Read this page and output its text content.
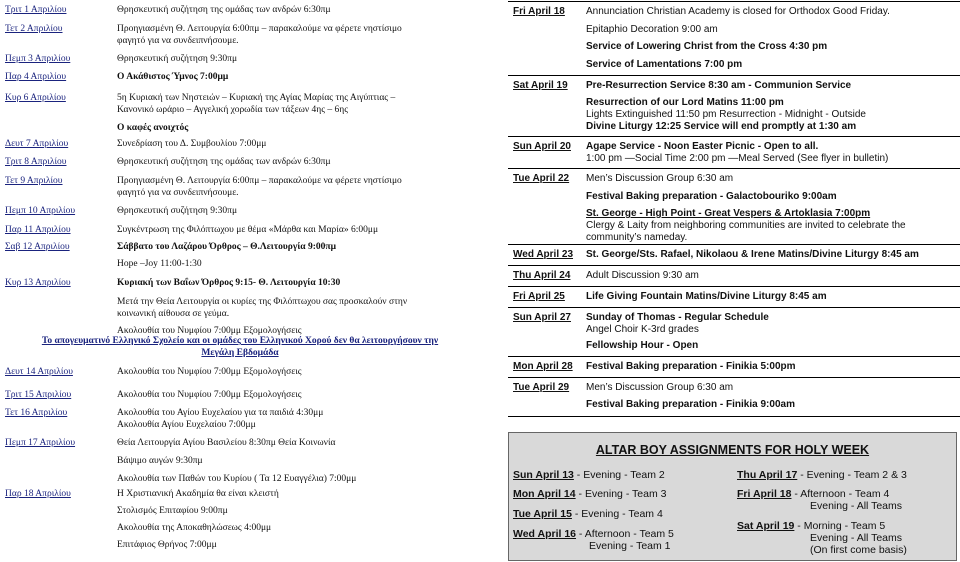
Τριτ 1 Απριλίου	Θρησκευτική συζήτηση της ομάδας των ανδρών 6:30πμ
Τετ 2 Απριλίου	Προηγιασμένη Θ. Λειτουργία 6:00πμ – παρακαλούμε να φέρετε νηστίσιμο
φαγητό για να συνδειπνήσουμε.
Πεμπ 3 Απριλίου	Θρησκευτική συζήτηση 9:30πμ
Παρ 4 Απριλίου	Ο Ακάθιστος Ύμνος 7:00μμ
Κυρ 6 Απριλίου	5η Κυριακή των Νηστειών – Κυριακή της Αγίας Μαρίας της Αιγύπτιας –
Κανονικό ωράριο – Αγγελική χορωδία των τάξεων 4ης – 6ης
Ο καφές ανοιχτός
Δευτ 7 Απριλίου	Συνεδρίαση του Δ. Συμβουλίου 7:00μμ
Τριτ 8 Απριλίου	Θρησκευτική συζήτηση της ομάδας των ανδρών 6:30πμ
Τετ 9 Απριλίου	Προηγιασμένη Θ. Λειτουργία 6:00πμ – παρακαλούμε να φέρετε νηστίσιμο
φαγητό για να συνδειπνήσουμε.
Πεμπ 10 Απριλίου	Θρησκευτική συζήτηση 9:30πμ
Παρ 11 Απριλίου	Συγκέντρωση της Φιλόπτωχου με θέμα «Μάρθα και Μαρία» 6:00μμ
Σαβ 12 Απριλίου	Σάββατο του Λαζάρου Όρθρος – Θ.Λειτουργία 9:00πμ
Hope –Joy 11:00-1:30
Κυρ 13 Απριλίου	Κυριακή των Βαΐων Όρθρος 9:15- Θ. Λειτουργία 10:30
Μετά την Θεία Λειτουργία οι κυρίες της Φιλόπτωχου σας προσκαλούν στην
κοινωνική αίθουσα σε γεύμα.
Ακολουθία του Νυμφίου 7:00μμ Εξομολογήσεις
Το απογευματινό Ελληνικό Σχολείο και οι ομάδες του Ελληνικού Χορού δεν θα λειτουργήσουν την
Μεγάλη Εβδομάδα
Δευτ 14 Απριλίου	Ακολουθία του Νυμφίου 7:00μμ Εξομολογήσεις
Τριτ 15 Απριλίου	Ακολουθία του Νυμφίου 7:00μμ Εξομολογήσεις
Τετ 16 Απριλίου	Ακολουθία του Αγίου Ευχελαίου για τα παιδιά 4:30μμ
Ακολουθία Αγίου Ευχελαίου 7:00μμ
Πεμπ 17 Απριλίου	Θεία Λειτουργία Αγίου Βασιλείου 8:30πμ Θεία Κοινωνία
Βάψιμο αυγών 9:30πμ
Ακολουθία των Παθών του Κυρίου ( Τα 12 Ευαγγέλια) 7:00μμ
Παρ 18 Απριλίου	Η Χριστιανική Ακαδημία θα είναι κλειστή
Στολισμός Επιταφίου 9:00πμ
Ακολουθία της Αποκαθηλώσεως 4:00μμ
Επιτάφιος Θρήνος 7:00μμ
Fri April 18	Annunciation Christian Academy is closed for Orthodox Good Friday.
Epitaphio Decoration 9:00 am
Service of Lowering Christ from the Cross 4:30 pm
Service of Lamentations 7:00 pm
Sat April 19	Pre-Resurrection Service 8:30 am - Communion Service
Resurrection of our Lord Matins 11:00 pm
Lights Extinguished 11:50 pm Resurrection - Midnight - Outside
Divine Liturgy 12:25 Service will end promptly at 1:30 am
Sun April 20	Agape Service - Noon Easter Picnic - Open to all.
1:00 pm —Social Time 2:00 pm —Meal Served (See flyer in bulletin)
Tue April 22	Men’s Discussion Group 6:30 am
Festival Baking preparation - Galactobouriko 9:00am
St. George - High Point - Great Vespers & Artoklasia 7:00pm
Clergy & Laity from neighboring communities are invited to celebrate the
community’s nameday.
Wed April 23	St. George/Sts. Rafael, Nikolaou & Irene Matins/Divine Liturgy 8:45 am
Thu April 24	Adult Discussion 9:30 am
Fri April 25	Life Giving Fountain Matins/Divine Liturgy 8:45 am
Sun April 27	Sunday of Thomas - Regular Schedule
Angel Choir K-3rd grades
Fellowship Hour - Open
Mon April 28	Festival Baking preparation - Finikia 5:00pm
Tue April 29	Men’s Discussion Group 6:30 am
Festival Baking preparation - Finikia 9:00am
ALTAR BOY ASSIGNMENTS FOR HOLY WEEK
Sun April 13 - Evening - Team 2
Mon April 14 - Evening - Team 3
Tue April 15 - Evening - Team 4
Wed April 16 - Afternoon - Team 5
Evening - Team 1
Thu April 17 - Evening - Team 2 & 3
Fri April 18 - Afternoon - Team 4
Evening - All Teams
Sat April 19 - Morning - Team 5
Evening - All Teams
(On first come basis)
